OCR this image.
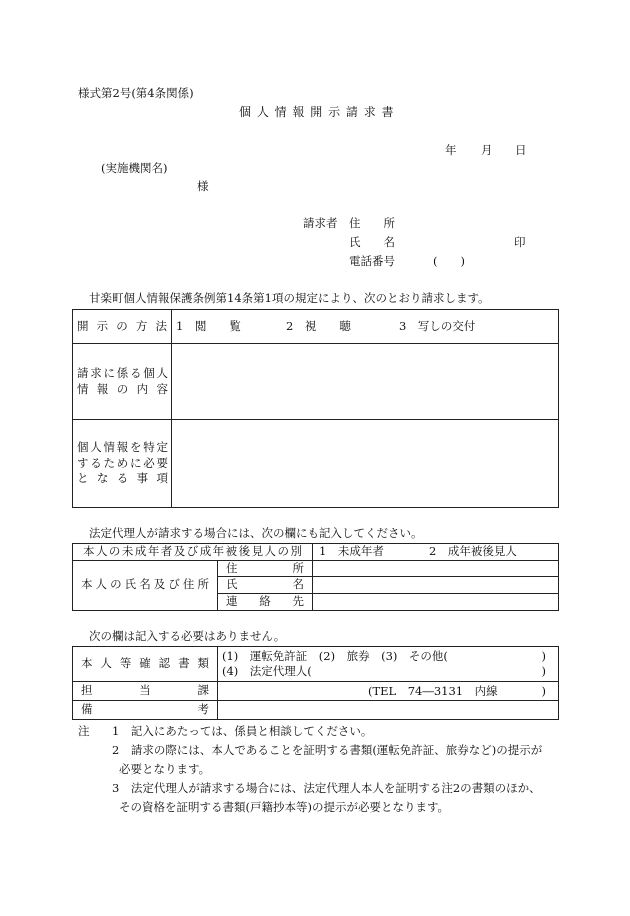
様式第2号(第4条関係)
個 人 情 報 開 示 請 求 書
年 月 日
(実施機関名)
様
請求者 住　　所
氏　　名	印
電話番号	(　　)
甘楽町個人情報保護条例第14条第1項の規定により、次のとおり請求します。
開示の方法	1　閲　　覧 2　視　　聴 3　写しの交付

請求に係る個人情報の内容	

個人情報を特定するために必要となる事項	

法定代理人が請求する場合には、次の欄にも記入してください。
本人の未成年者及び成年被後見人の別		1　未成年者 2　成年被後見人
本人の氏名及び住所	住所	
	氏名	
	連絡先	
次の欄は記入する必要はありません。
本人等確認書類	(1)　運転免許証　(2)　旅券　(3)　その他( )
(4)　法定代理人( )

担当課	(TEL　74―3131　内線 )

備考	
注 1　記入にあたっては、係員と相談してください。
2　請求の際には、本人であることを証明する書類(運転免許証、旅券など)の提示が
必要となります。
3　法定代理人が請求する場合には、法定代理人本人を証明する注2の書類のほか、
その資格を証明する書類(戸籍抄本等)の提示が必要となります。
